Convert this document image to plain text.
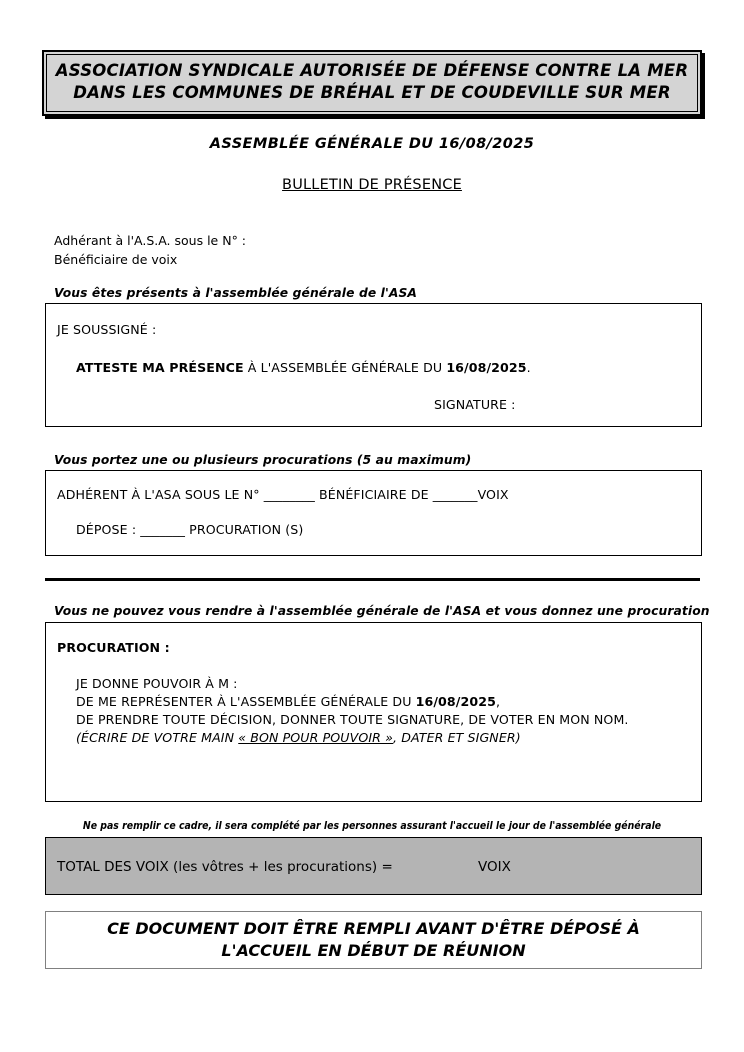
ASSOCIATION SYNDICALE AUTORISÉE DE DÉFENSE CONTRE LA MER
DANS LES COMMUNES DE BRÉHAL ET DE COUDEVILLE SUR MER
ASSEMBLÉE GÉNÉRALE DU 16/08/2025
BULLETIN DE PRÉSENCE
Adhérant à l'A.S.A. sous le N° :
Bénéficiaire de voix
Vous êtes présents à l'assemblée générale de l'ASA
JE SOUSSIGNÉ :
ATTESTE MA PRÉSENCE À L'ASSEMBLÉE GÉNÉRALE DU 16/08/2025.
SIGNATURE :
Vous portez une ou plusieurs procurations (5 au maximum)
ADHÉRENT À L'ASA SOUS LE N° ________ BÉNÉFICIAIRE DE _______VOIX
DÉPOSE : _______ PROCURATION (S)
Vous ne pouvez vous rendre à l'assemblée générale de l'ASA et vous donnez une procuration
PROCURATION :
JE DONNE POUVOIR À M :
DE ME REPRÉSENTER À L'ASSEMBLÉE GÉNÉRALE DU 16/08/2025,
DE PRENDRE TOUTE DÉCISION, DONNER TOUTE SIGNATURE, DE VOTER EN MON NOM.
(ÉCRIRE DE VOTRE MAIN « BON POUR POUVOIR », DATER ET SIGNER)
Ne pas remplir ce cadre, il sera complété par les personnes assurant l'accueil le jour de l'assemblée générale
TOTAL DES VOIX (les vôtres + les procurations) =	VOIX
CE DOCUMENT DOIT ÊTRE REMPLI AVANT D'ÊTRE DÉPOSÉ À
L'ACCUEIL EN DÉBUT DE RÉUNION
